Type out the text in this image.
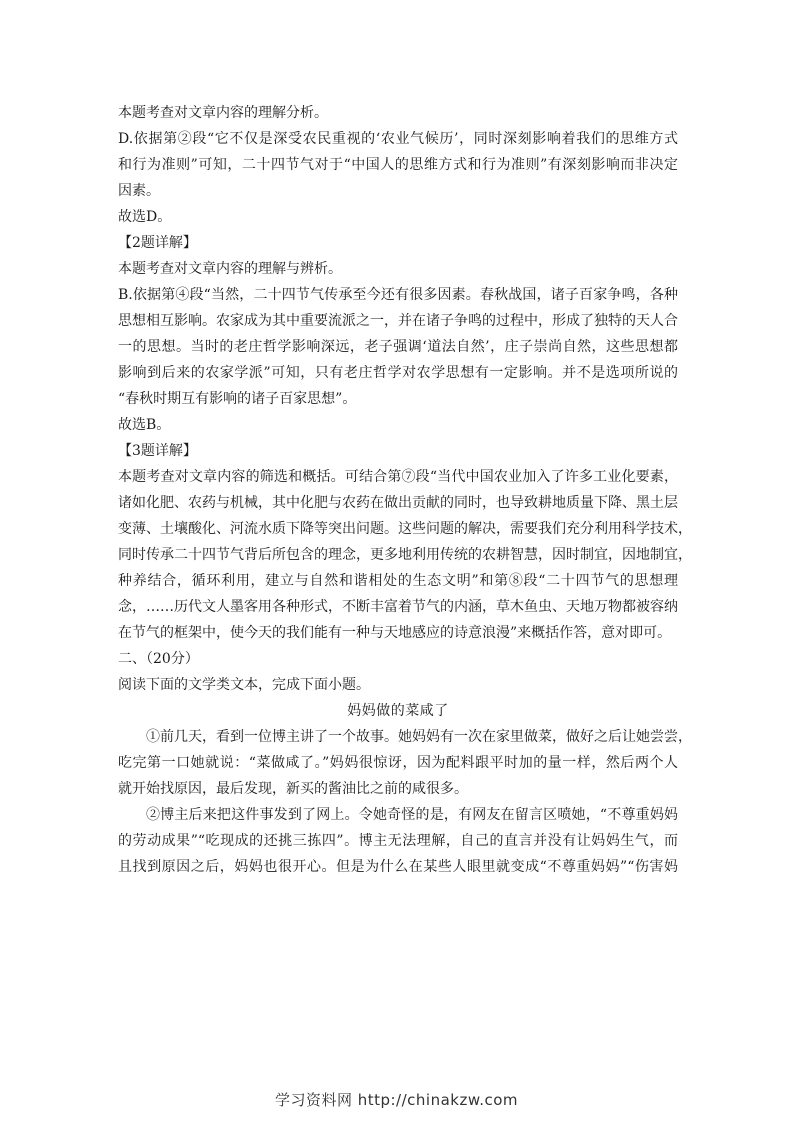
本题考查对文章内容的理解分析。
D.依据第②段“它不仅是深受农民重视的‘农业气候历’，同时深刻影响着我们的思维方式
和行为准则”可知，二十四节气对于“中国人的思维方式和行为准则”有深刻影响而非决定
因素。
故选D。
【2题详解】
本题考查对文章内容的理解与辨析。
B.依据第④段“当然，二十四节气传承至今还有很多因素。春秋战国，诸子百家争鸣，各种
思想相互影响。农家成为其中重要流派之一，并在诸子争鸣的过程中，形成了独特的天人合
一的思想。当时的老庄哲学影响深远，老子强调‘道法自然’，庄子崇尚自然，这些思想都
影响到后来的农家学派”可知，只有老庄哲学对农学思想有一定影响。并不是选项所说的
“春秋时期互有影响的诸子百家思想”。
故选B。
【3题详解】
本题考查对文章内容的筛选和概括。可结合第⑦段“当代中国农业加入了许多工业化要素，
诸如化肥、农药与机械，其中化肥与农药在做出贡献的同时，也导致耕地质量下降、黑土层
变薄、土壤酸化、河流水质下降等突出问题。这些问题的解决，需要我们充分利用科学技术，
同时传承二十四节气背后所包含的理念，更多地利用传统的农耕智慧，因时制宜，因地制宜，
种养结合，循环利用，建立与自然和谐相处的生态文明”和第⑧段“二十四节气的思想理
念，……历代文人墨客用各种形式，不断丰富着节气的内涵，草木鱼虫、天地万物都被容纳
在节气的框架中，使今天的我们能有一种与天地感应的诗意浪漫”来概括作答，意对即可。
二、（20分）
阅读下面的文学类文本，完成下面小题。
妈妈做的菜咸了
①前几天，看到一位博主讲了一个故事。她妈妈有一次在家里做菜，做好之后让她尝尝，
吃完第一口她就说：“菜做咸了。”妈妈很惊讶，因为配料跟平时加的量一样，然后两个人
就开始找原因，最后发现，新买的酱油比之前的咸很多。
②博主后来把这件事发到了网上。令她奇怪的是，有网友在留言区喷她，“不尊重妈妈
的劳动成果”“吃现成的还挑三拣四”。博主无法理解，自己的直言并没有让妈妈生气，而
且找到原因之后，妈妈也很开心。但是为什么在某些人眼里就变成“不尊重妈妈”“伤害妈
学习资料网 http://chinakzw.com
